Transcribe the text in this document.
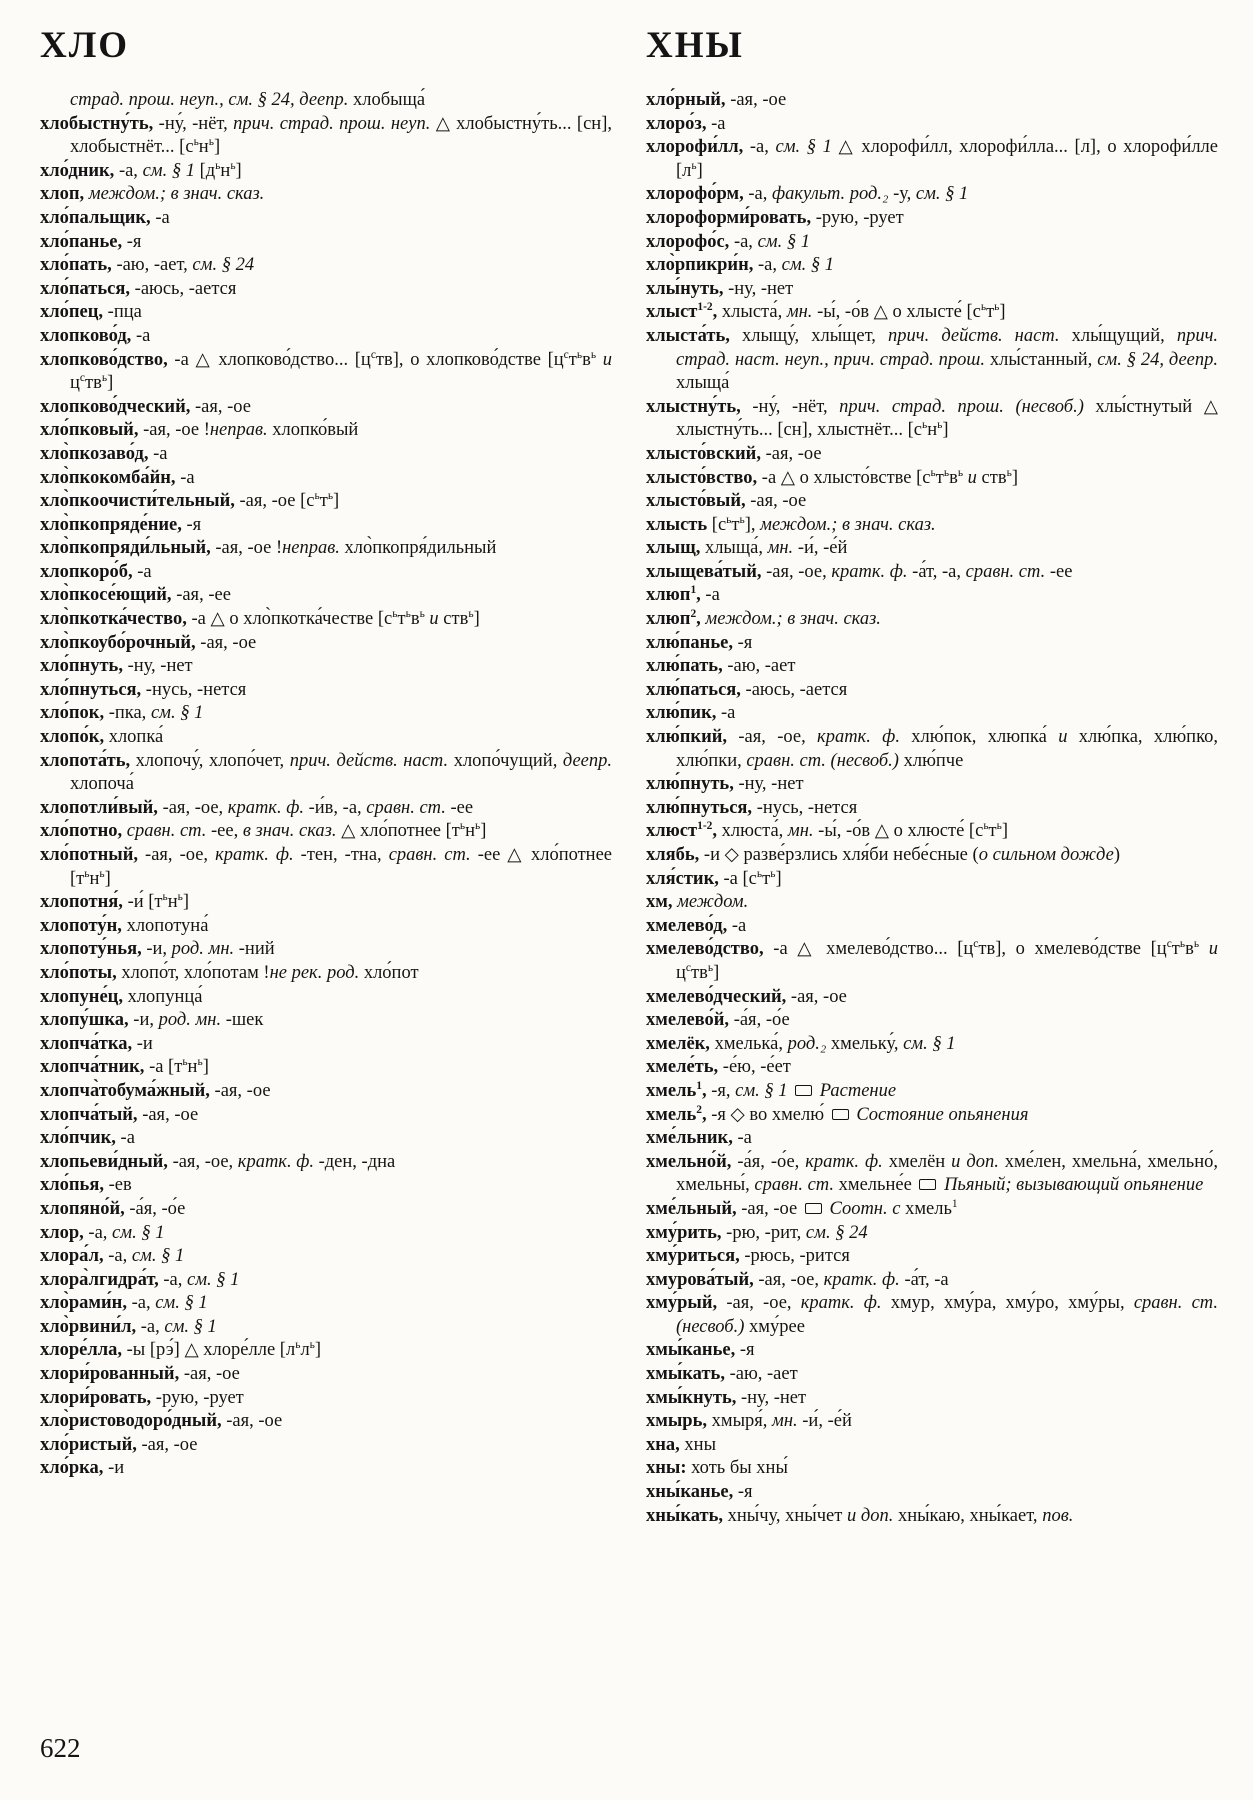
ХЛО

страд. прош. неуп., см. § 24, деепр. хлобыща́

хлобыстну́ть, -ну́, -нёт, прич. страд. прош. неуп. △ хлобыстну́ть... [сн], хлобыстнёт... $[с^ьн^ь]$

хло́дник, -а, см. § 1 $[д^ьн^ь]$

хлоп, междом.; в знач. сказ.

хло́пальщик, -а

хло́панье, -я

хло́пать, -аю, -ает, см. § 24

хло́паться, -аюсь, -ается

хло́пец, -пца

хлопково́д, -а

хлопково́дство, -а △ хлопково́дство... $[ц^ств]$, о хлопково́дстве [$ц^ст^ьв^ь$ и $ц^ств^ь$]

хлопково́дческий, -ая, -ое

хло́пковый, -ая, -ое !неправ. хлопко́вый

хло̀пкозаво́д, -а

хло̀пкокомба́йн, -а

хло̀пкоочисти́тельный, -ая, -ое $[с^ьт^ь]$

хло̀пкопряде́ние, -я

хло̀пкопряди́льный, -ая, -ое !неправ. хло̀пкопря́дильный

хлопкоро́б, -а

хло̀пкосе́ющий, -ая, -ее

хло̀пкотка́чество, -а △ о хло̀пкотка́честве [$с^ьт^ьв^ь$ и ств$^ь$]

хло̀пкоубо́рочный, -ая, -ое

хло́пнуть, -ну, -нет

хло́пнуться, -нусь, -нется

хло́пок, -пка, см. § 1

хлопо́к, хлопка́

хлопота́ть, хлопочу́, хлопо́чет, прич. действ. наст. хлопо́чущий, деепр. хлопоча́

хлопотли́вый, -ая, -ое, кратк. ф. -и́в, -а, сравн. ст. -ее

хло́потно, сравн. ст. -ее, в знач. сказ. △ хло́потнее $[т^ьн^ь]$

хло́потный, -ая, -ое, кратк. ф. -тен, -тна, сравн. ст. -ее △ хло́потнее $[т^ьн^ь]$

хлопотня́, -и́ $[т^ьн^ь]$

хлопоту́н, хлопотуна́

хлопоту́нья, -и, род. мн. -ний

хло́поты, хлопо́т, хло́потам !не рек. род. хло́пот

хлопуне́ц, хлопунца́

хлопу́шка, -и, род. мн. -шек

хлопча́тка, -и

хлопча́тник, -а $[т^ьн^ь]$

хлопча̀тобума́жный, -ая, -ое

хлопча́тый, -ая, -ое

хло́пчик, -а

хлопьеви́дный, -ая, -ое, кратк. ф. -ден, -дна

хло́пья, -ев

хлопяно́й, -а́я, -о́е

хлор, -а, см. § 1

хлора́л, -а, см. § 1

хлора̀лгидра́т, -а, см. § 1

хло̀рами́н, -а, см. § 1

хло̀рвини́л, -а, см. § 1

хлоре́лла, -ы [рэ́] △ хлоре́лле $[л^ьл^ь]$

хлори́рованный, -ая, -ое

хлори́ровать, -рую, -рует

хло̀ристоводоро́дный, -ая, -ое

хло́ристый, -ая, -ое

хло́рка, -и

ХНЫ

хло́рный, -ая, -ое

хлоро́з, -а

хлорофи́лл, -а, см. § 1 △ хлорофи́лл, хлорофи́лла... [л], о хлорофи́лле $[л^ь]$

хлорофо́рм, -а, факульт. род.₂ -у, см. § 1

хлороформи́ровать, -рую, -рует

хлорофо́с, -а, см. § 1

хло̀рпикри́н, -а, см. § 1

хлы́нуть, -ну, -нет

хлыст$^{1-2}$, хлыста́, мн. -ы́, -о́в △ о хлысте́ $[с^ьт^ь]$

хлыста́ть, хлыщу́, хлы́щет, прич. действ. наст. хлы́щущий, прич. страд. наст. неуп., прич. страд. прош. хлы́станный, см. § 24, деепр. хлыща́

хлыстну́ть, -ну́, -нёт, прич. страд. прош. (несвоб.) хлы́стнутый △ хлыстну́ть... [сн], хлыстнёт... $[с^ьн^ь]$

хлысто́вский, -ая, -ое

хлысто́вство, -а △ о хлысто́встве [$с^ьт^ьв^ь$ и ств$^ь$]

хлысто́вый, -ая, -ое

хлысть $[с^ьт^ь]$, междом.; в знач. сказ.

хлыщ, хлыща́, мн. -и́, -е́й

хлыщева́тый, -ая, -ое, кратк. ф. -а́т, -а, сравн. ст. -ее

хлюп$^1$, -а

хлюп$^2$, междом.; в знач. сказ.

хлю́панье, -я

хлю́пать, -аю, -ает

хлю́паться, -аюсь, -ается

хлю́пик, -а

хлю́пкий, -ая, -ое, кратк. ф. хлю́пок, хлюпка́ и хлю́пка, хлю́пко, хлю́пки, сравн. ст. (несвоб.) хлю́пче

хлю́пнуть, -ну, -нет

хлю́пнуться, -нусь, -нется

хлюст$^{1-2}$, хлюста́, мн. -ы́, -о́в △ о хлюсте́ $[с^ьт^ь]$

хлябь, -и ◇ разве́рзлись хля́би небе́сные (о сильном дожде)

хля́стик, -а $[с^ьт^ь]$

хм, междом.

хмелево́д, -а

хмелево́дство, -а △ хмелево́дство... $[ц^ств]$, о хмелево́дстве [$ц^ст^ьв^ь$ и $ц^ств^ь$]

хмелево́дческий, -ая, -ое

хмелево́й, -а́я, -о́е

хмелёк, хмелька́, род.₂ хмельку́, см. § 1

хмеле́ть, -е́ю, -е́ет

хмель$^1$, -я, см. § 1 Растение

хмель$^2$, -я ◇ во хмелю́  Состояние опьянения

хме́льник, -а

хмельно́й, -а́я, -о́е, кратк. ф. хмелён и доп. хме́лен, хмельна́, хмельно́, хмельны́, сравн. ст. хмельне́е  Пьяный; вызывающий опьянение

хме́льный, -ая, -ое  Соотн. с хмель$^1$

хму́рить, -рю, -рит, см. § 24

хму́риться, -рюсь, -рится

хмурова́тый, -ая, -ое, кратк. ф. -а́т, -а

хму́рый, -ая, -ое, кратк. ф. хмур, хму́ра, хму́ро, хму́ры, сравн. ст. (несвоб.) хму́рее

хмы́канье, -я

хмы́кать, -аю, -ает

хмы́кнуть, -ну, -нет

хмырь, хмыря́, мн. -и́, -е́й

хна, хны

хны: хоть бы хны́

хны́канье, -я

хны́кать, хны́чу, хны́чет и доп. хны́каю, хны́кает, пов.

622
